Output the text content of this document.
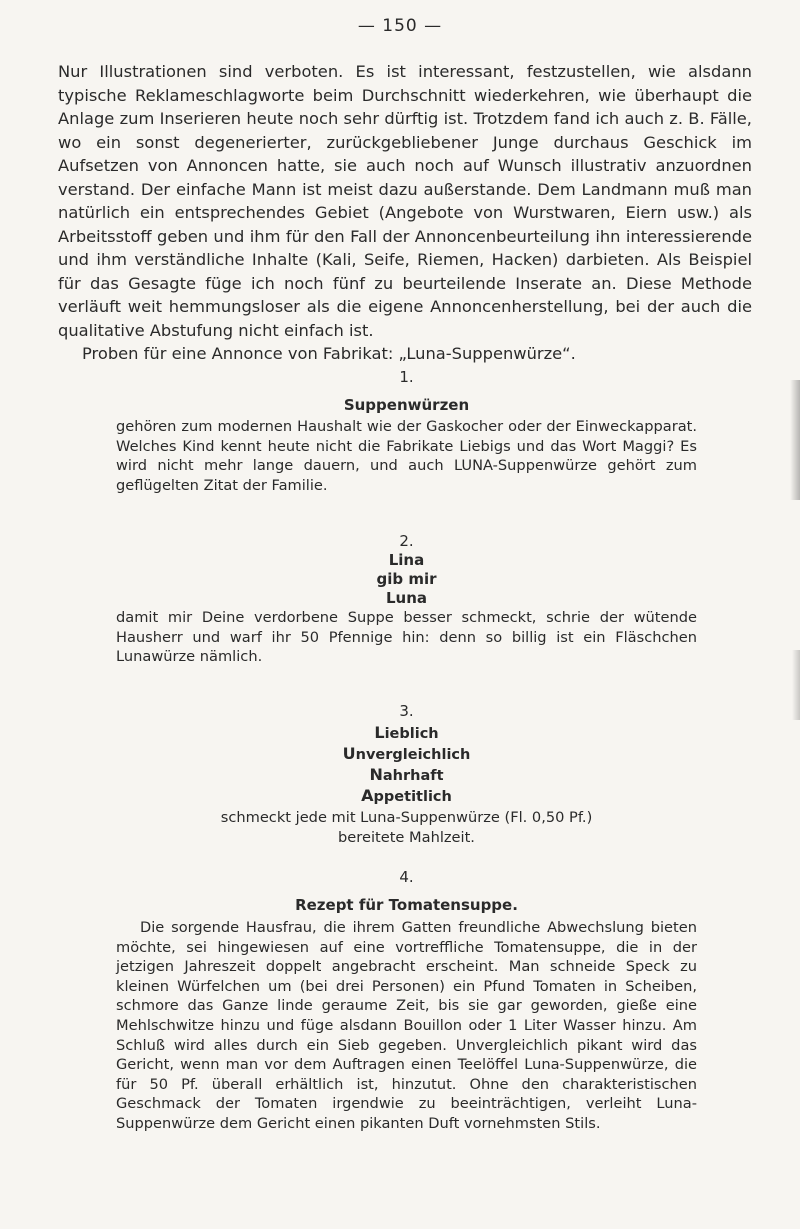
— 150 —

Nur Illustrationen sind verboten. Es ist interessant, festzustellen, wie alsdann typische Reklameschlagworte beim Durchschnitt wiederkehren, wie überhaupt die Anlage zum Inserieren heute noch sehr dürftig ist. Trotzdem fand ich auch z. B. Fälle, wo ein sonst degenerierter, zurückgebliebener Junge durchaus Geschick im Aufsetzen von Annoncen hatte, sie auch noch auf Wunsch illustrativ anzuordnen verstand. Der einfache Mann ist meist dazu außerstande. Dem Landmann muß man natürlich ein entsprechendes Gebiet (Angebote von Wurstwaren, Eiern usw.) als Arbeitsstoff geben und ihm für den Fall der Annoncenbeurteilung ihn interessierende und ihm verständliche Inhalte (Kali, Seife, Riemen, Hacken) darbieten. Als Beispiel für das Gesagte füge ich noch fünf zu beurteilende Inserate an. Diese Methode verläuft weit hemmungsloser als die eigene Annoncenherstellung, bei der auch die qualitative Abstufung nicht einfach ist.

Proben für eine Annonce von Fabrikat: „Luna-Suppenwürze“.

1.
Suppenwürzen

gehören zum modernen Haushalt wie der Gaskocher oder der Einweckapparat. Welches Kind kennt heute nicht die Fabrikate Liebigs und das Wort Maggi? Es wird nicht mehr lange dauern, und auch LUNA-Suppenwürze gehört zum geflügelten Zitat der Familie.

2.
Lina
gib mir
Luna

damit mir Deine verdorbene Suppe besser schmeckt, schrie der wütende Hausherr und warf ihr 50 Pfennige hin: denn so billig ist ein Fläschchen Lunawürze nämlich.

3.
Lieblich
Unvergleichlich
Nahrhaft
Appetitlich
schmeckt jede mit Luna-Suppenwürze (Fl. 0,50 Pf.)
bereitete Mahlzeit.
4.
Rezept für Tomatensuppe.

Die sorgende Hausfrau, die ihrem Gatten freundliche Abwechslung bieten möchte, sei hingewiesen auf eine vortreffliche Tomatensuppe, die in der jetzigen Jahreszeit doppelt angebracht erscheint. Man schneide Speck zu kleinen Würfelchen um (bei drei Personen) ein Pfund Tomaten in Scheiben, schmore das Ganze linde geraume Zeit, bis sie gar geworden, gieße eine Mehlschwitze hinzu und füge alsdann Bouillon oder 1 Liter Wasser hinzu. Am Schluß wird alles durch ein Sieb gegeben. Unvergleichlich pikant wird das Gericht, wenn man vor dem Auftragen einen Teelöffel Luna-Suppenwürze, die für 50 Pf. überall erhältlich ist, hinzutut. Ohne den charakteristischen Geschmack der Tomaten irgendwie zu beeinträchtigen, verleiht Luna-Suppenwürze dem Gericht einen pikanten Duft vornehmsten Stils.
